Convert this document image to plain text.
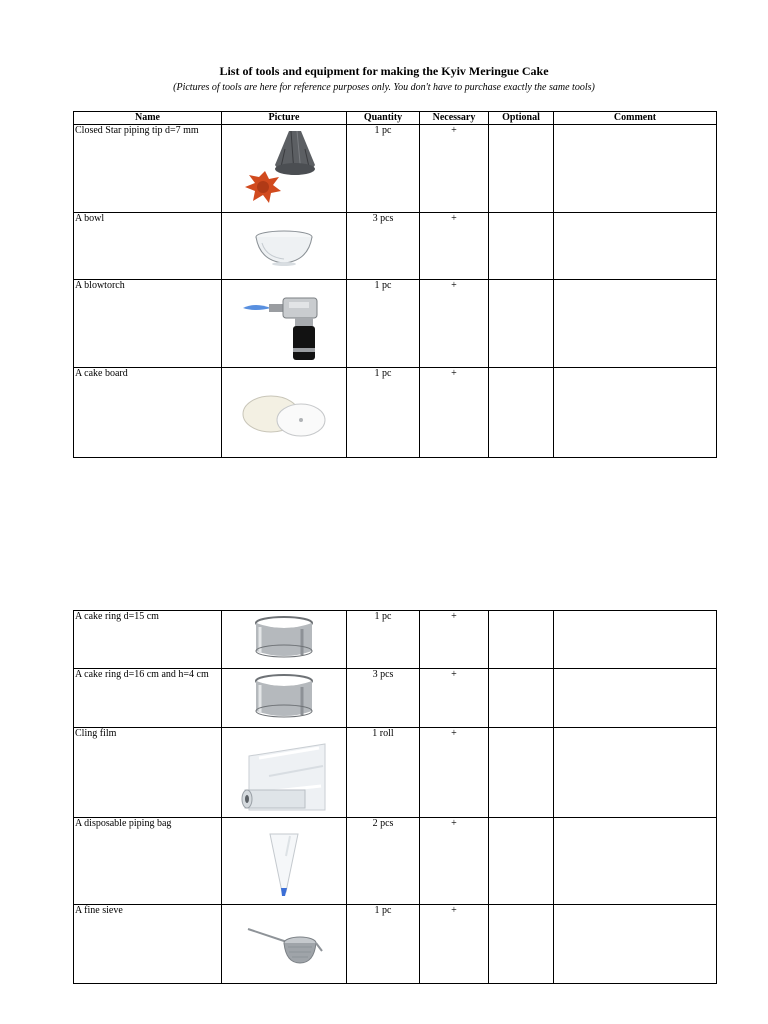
List of tools and equipment for making the Kyiv Meringue Cake
(Pictures of tools are here for reference purposes only. You don't have to purchase exactly the same tools)
Name	Picture	Quantity	Necessary	Optional	Comment
Closed Star piping tip d=7 mm		1 pc	+		
A bowl		3 pcs	+		
A blowtorch		1 pc	+		
A cake board		1 pc	+		
A cake ring d=15 cm		1 pc	+		
A cake ring d=16 cm and h=4 cm		3 pcs	+		
Cling film		1 roll	+		
A disposable piping bag		2 pcs	+		
A fine sieve		1 pc	+		
